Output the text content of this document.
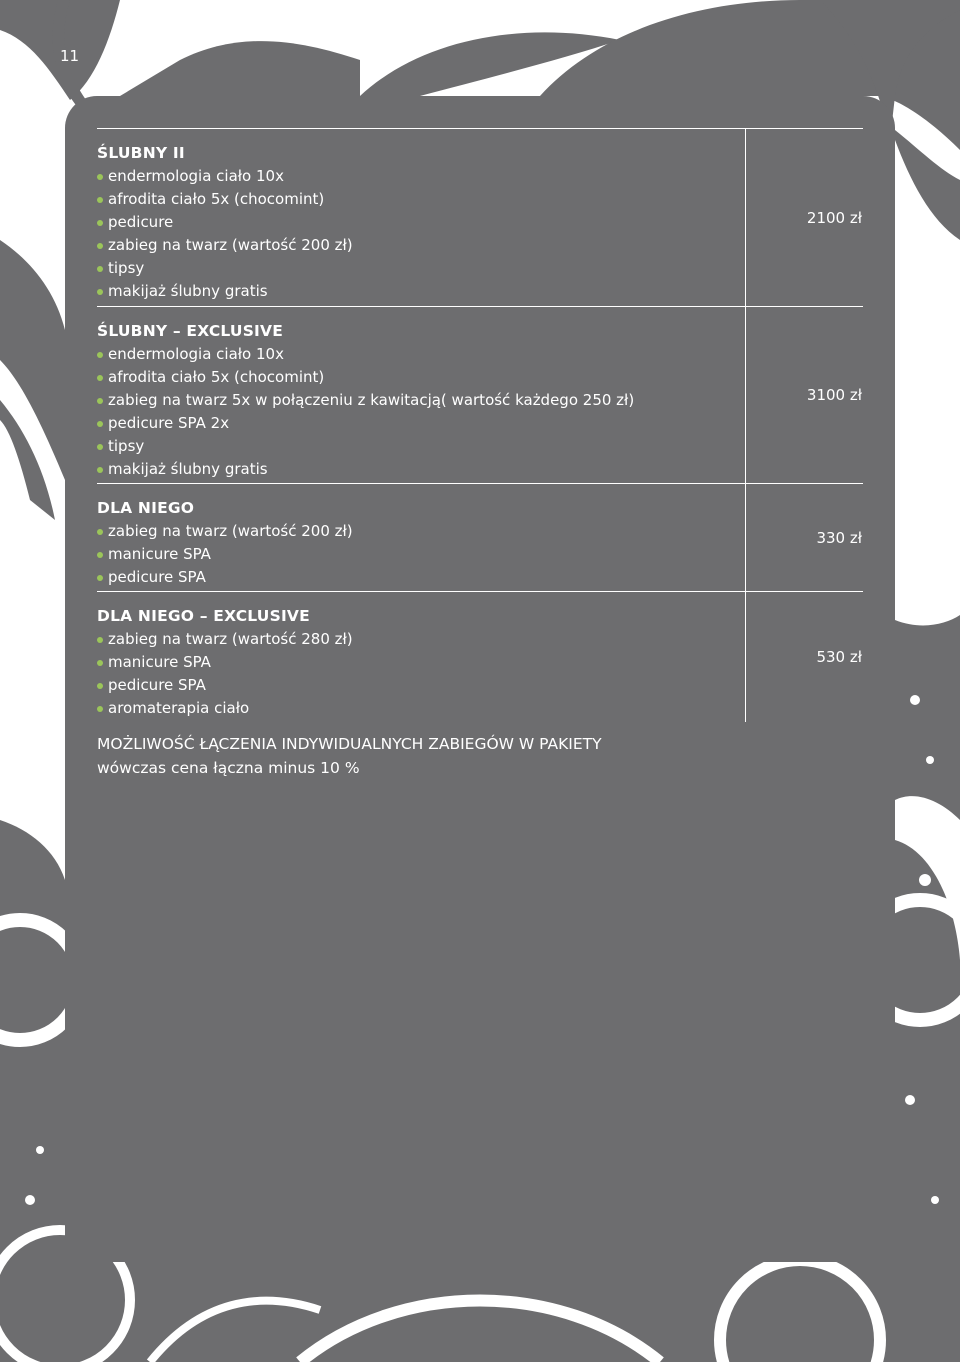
11
ŚLUBNY II
endermologia ciało 10x
afrodita ciało 5x (chocomint)
pedicure
zabieg na twarz (wartość 200 zł)
tipsy
makijaż ślubny gratis
2100 zł
ŚLUBNY – EXCLUSIVE
endermologia ciało 10x
afrodita ciało 5x (chocomint)
zabieg na twarz 5x w połączeniu z kawitacją( wartość każdego 250 zł)
pedicure SPA 2x
tipsy
makijaż ślubny gratis
3100 zł
DLA NIEGO
zabieg na twarz (wartość 200 zł)
manicure SPA
pedicure SPA
330 zł
DLA NIEGO – EXCLUSIVE
zabieg na twarz (wartość 280 zł)
manicure SPA
pedicure SPA
aromaterapia ciało
530 zł
MOŻLIWOŚĆ ŁĄCZENIA INDYWIDUALNYCH ZABIEGÓW W PAKIETY
wówczas cena łączna minus 10 %
